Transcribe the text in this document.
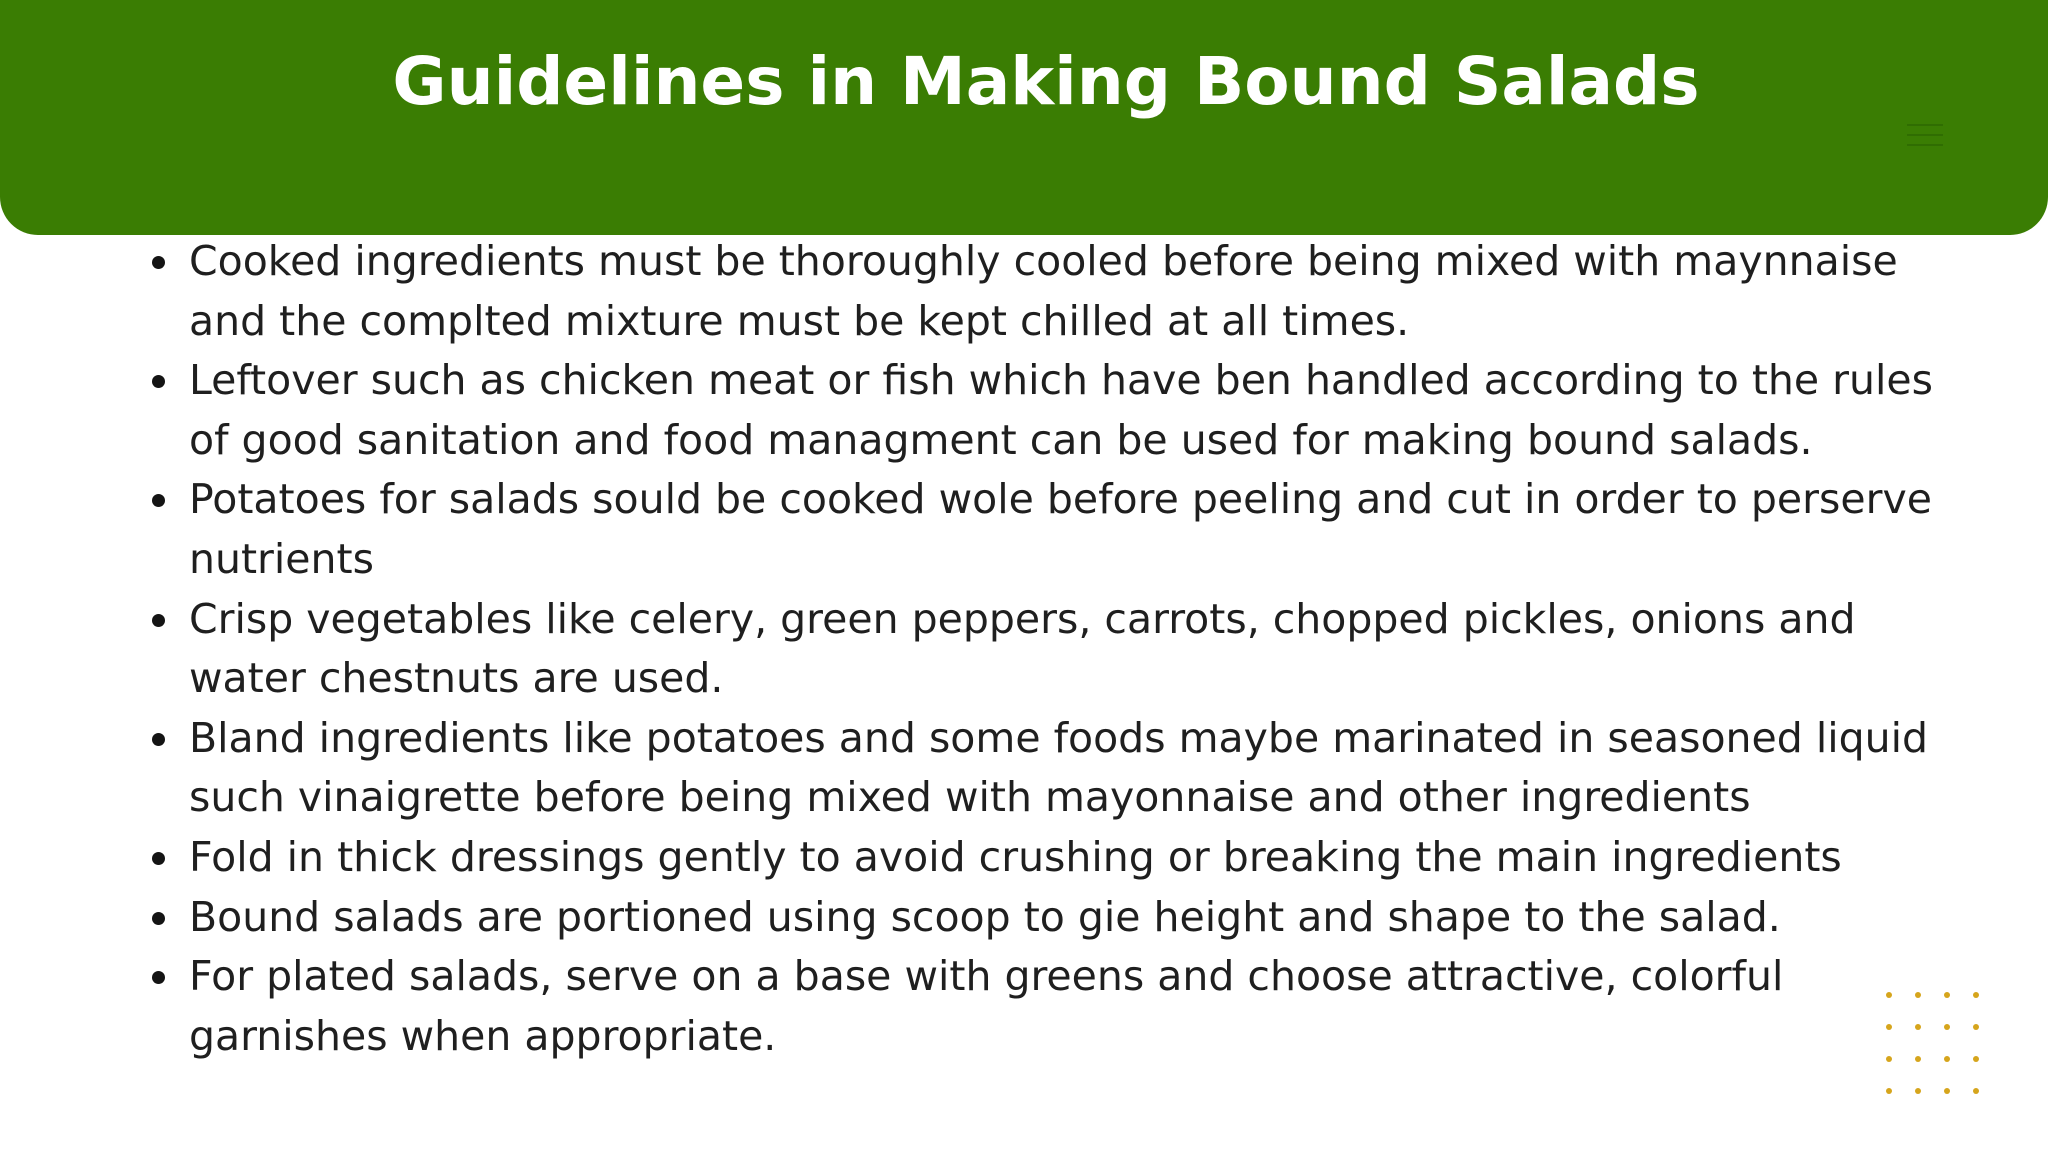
Guidelines in Making Bound Salads
Cooked ingredients must be thoroughly cooled before being mixed with maynnaise and the complted mixture must be kept chilled at all times.
Leftover such as chicken meat or fish which have ben handled according to the rules of good sanitation and food managment can be used for making bound salads.
Potatoes for salads sould be cooked wole before peeling and cut in order to perserve nutrients
Crisp vegetables like celery, green peppers, carrots, chopped pickles, onions and water chestnuts are used.
Bland ingredients like potatoes and some foods maybe marinated in seasoned liquid such vinaigrette before being mixed with mayonnaise and other ingredients
Fold in thick dressings gently to avoid crushing or breaking the main ingredients
Bound salads are portioned using scoop to gie height and shape to the salad.
For plated salads, serve on a base with greens and choose attractive, colorful garnishes when appropriate.
